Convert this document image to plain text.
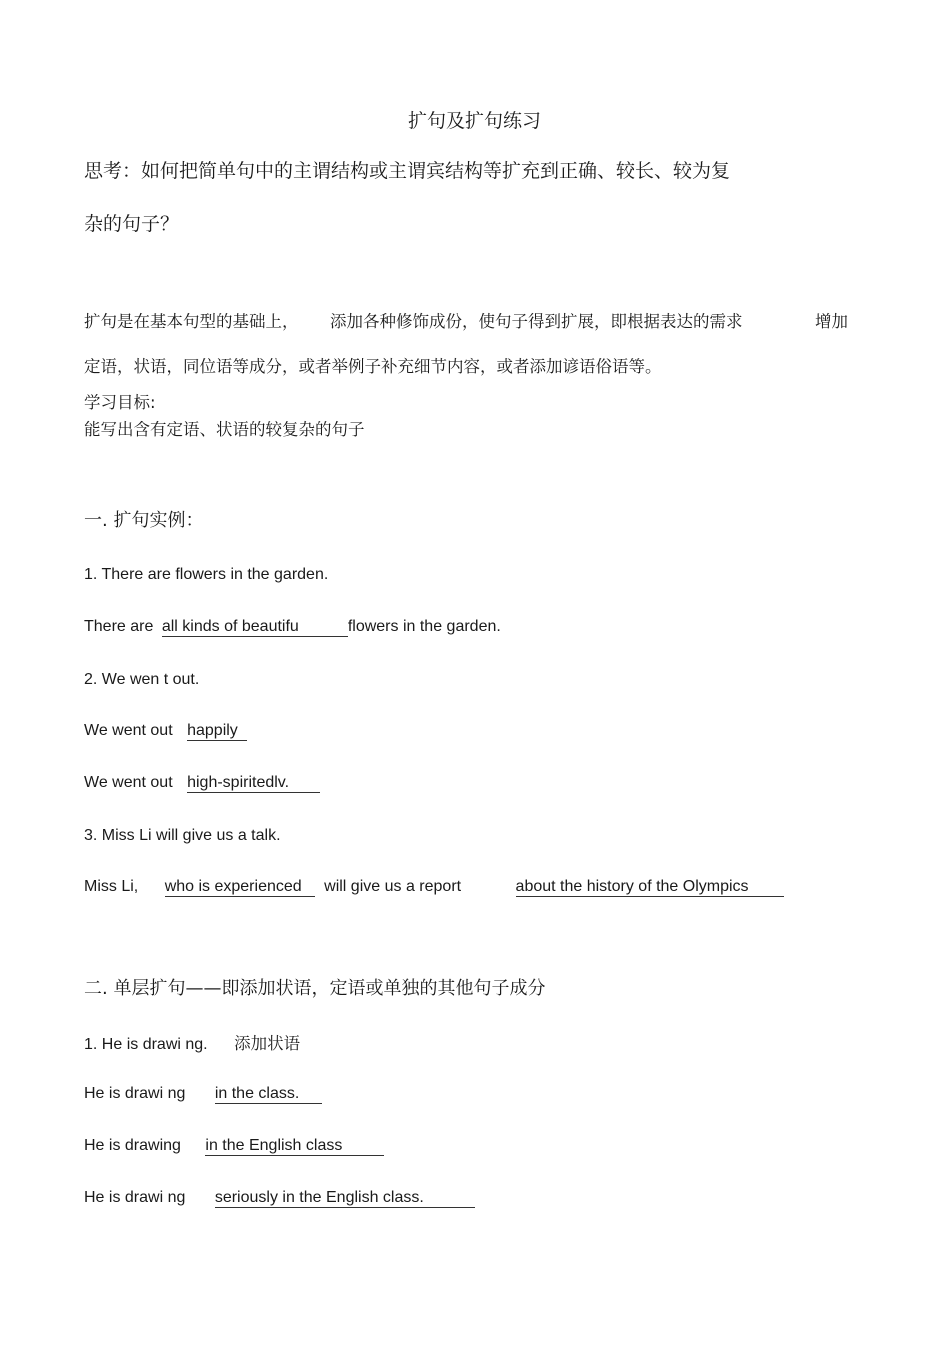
扩句及扩句练习
思考：如何把简单句中的主谓结构或主谓宾结构等扩充到正确、较长、较为复
杂的句子？
扩句是在基本句型的基础上， 添加各种修饰成份，使句子得到扩展，即根据表达的需求	增加
定语，状语，同位语等成分，或者举例子补充细节内容，或者添加谚语俗语等。
学习目标:
能写出含有定语、状语的较复杂的句子
一. 扩句实例：
1. There are flowers in the garden.
There are all kinds of beautifu	flowers in the garden.
2. We wen t out.
We went out happily
We went out high-spiritedlv.
3. Miss Li will give us a talk.
Miss Li, who is experienced will give us a report	about the history of the Olympics
二. 单层扩句——即添加状语，定语或单独的其他句子成分
1. He is drawi ng. 添加状语
He is drawi ng in the class.
He is drawing in the English class
He is drawi ng seriously in the English class.
